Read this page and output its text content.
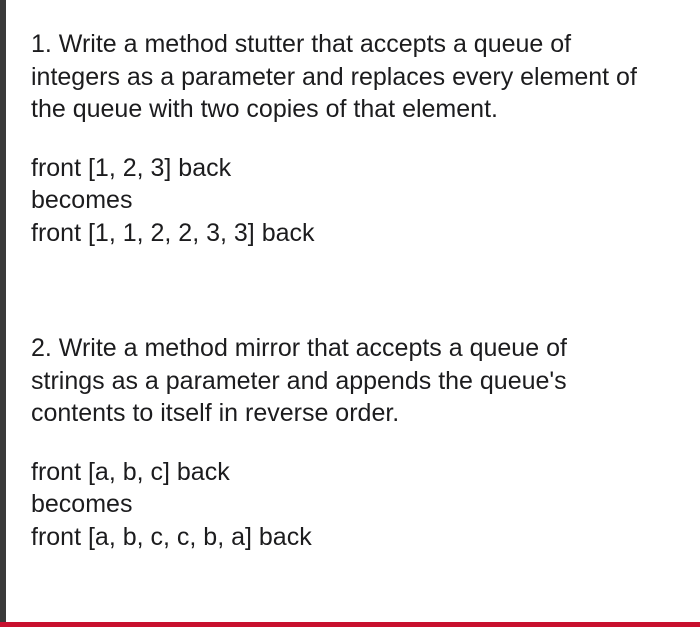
1. Write a method stutter that accepts a queue of
integers as a parameter and replaces every element of
the queue with two copies of that element.
front [1, 2, 3] back
becomes
front [1, 1, 2, 2, 3, 3] back
2. Write a method mirror that accepts a queue of
strings as a parameter and appends the queue's
contents to itself in reverse order.
front [a, b, c] back
becomes
front [a, b, c, c, b, a] back
